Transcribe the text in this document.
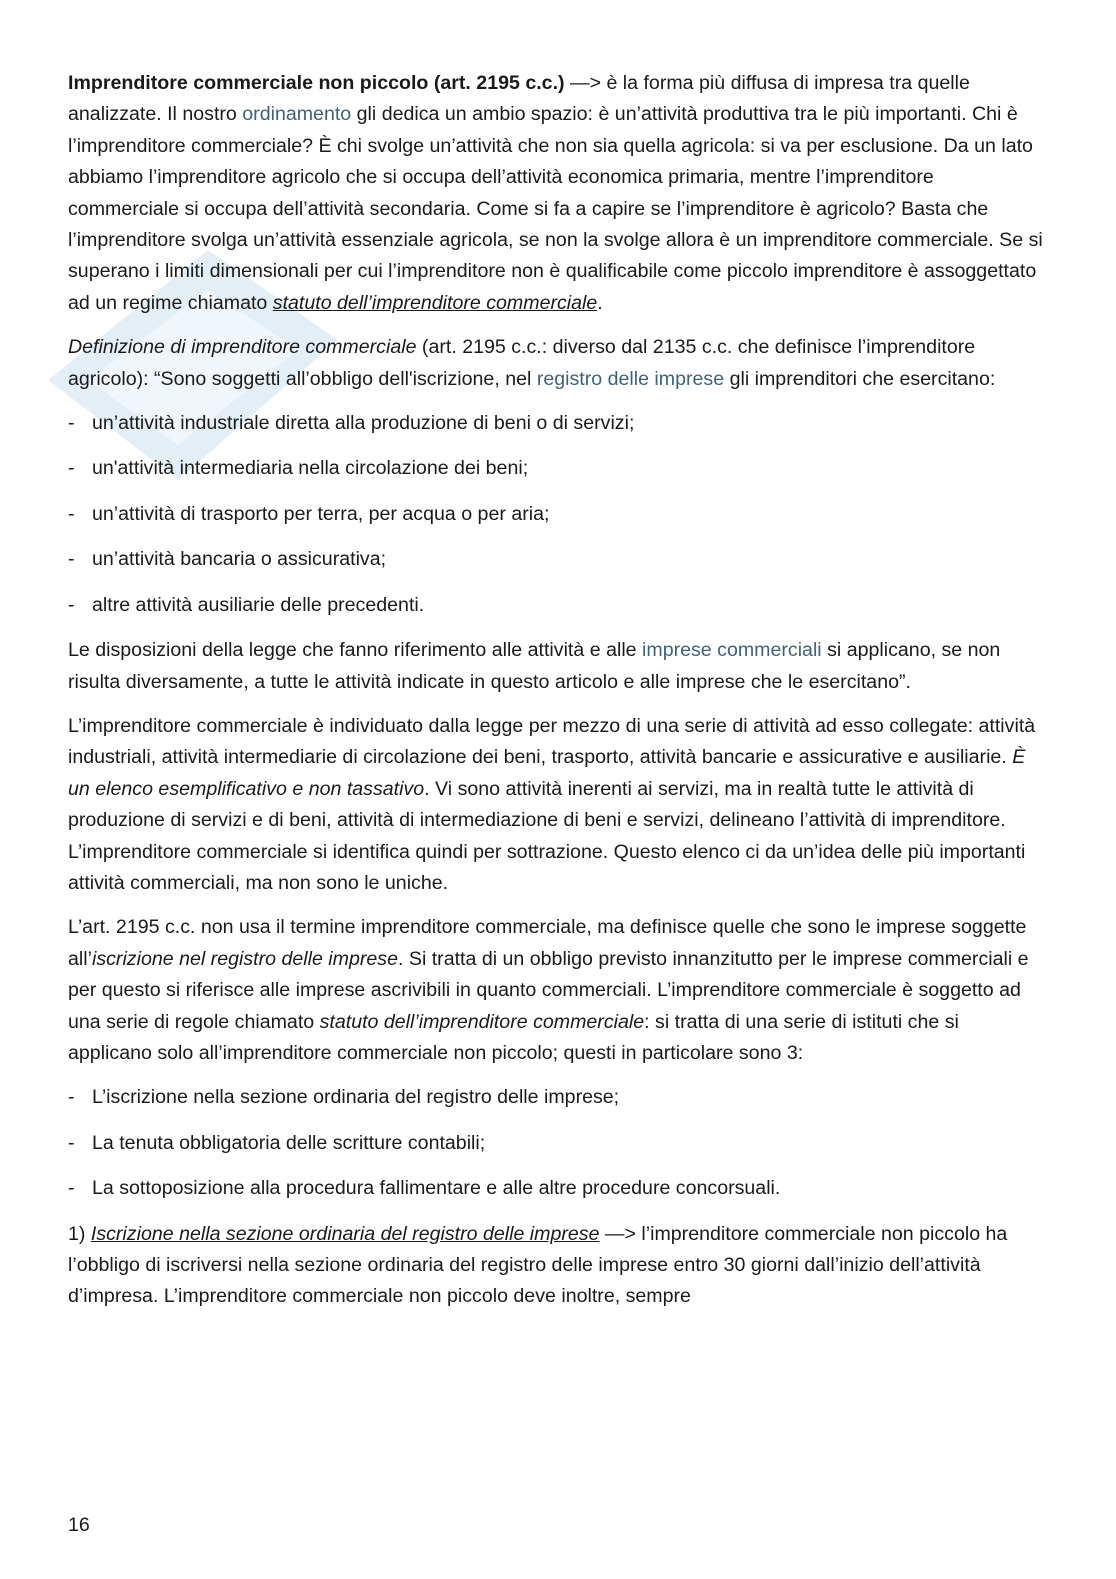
Imprenditore commerciale non piccolo (art. 2195 c.c.) —> è la forma più diffusa di impresa tra quelle analizzate. Il nostro ordinamento gli dedica un ambio spazio: è un’attività produttiva tra le più importanti. Chi è l’imprenditore commerciale? È chi svolge un’attività che non sia quella agricola: si va per esclusione. Da un lato abbiamo l’imprenditore agricolo che si occupa dell’attività economica primaria, mentre l’imprenditore commerciale si occupa dell’attività secondaria. Come si fa a capire se l’imprenditore è agricolo? Basta che l’imprenditore svolga un’attività essenziale agricola, se non la svolge allora è un imprenditore commerciale. Se si superano i limiti dimensionali per cui l’imprenditore non è qualificabile come piccolo imprenditore è assoggettato ad un regime chiamato statuto dell’imprenditore commerciale.

Definizione di imprenditore commerciale (art. 2195 c.c.: diverso dal 2135 c.c. che definisce l’imprenditore agricolo): “Sono soggetti all’obbligo dell'iscrizione, nel registro delle imprese gli imprenditori che esercitano:

- un’attività industriale diretta alla produzione di beni o di servizi;
- un'attività intermediaria nella circolazione dei beni;
- un’attività di trasporto per terra, per acqua o per aria;
- un’attività bancaria o assicurativa;
- altre attività ausiliarie delle precedenti.

Le disposizioni della legge che fanno riferimento alle attività e alle imprese commerciali si applicano, se non risulta diversamente, a tutte le attività indicate in questo articolo e alle imprese che le esercitano”.

L’imprenditore commerciale è individuato dalla legge per mezzo di una serie di attività ad esso collegate: attività industriali, attività intermediarie di circolazione dei beni, trasporto, attività bancarie e assicurative e ausiliarie. È un elenco esemplificativo e non tassativo. Vi sono attività inerenti ai servizi, ma in realtà tutte le attività di produzione di servizi e di beni, attività di intermediazione di beni e servizi, delineano l’attività di imprenditore. L’imprenditore commerciale si identifica quindi per sottrazione. Questo elenco ci da un’idea delle più importanti attività commerciali, ma non sono le uniche.

L’art. 2195 c.c. non usa il termine imprenditore commerciale, ma definisce quelle che sono le imprese soggette all’iscrizione nel registro delle imprese. Si tratta di un obbligo previsto innanzitutto per le imprese commerciali e per questo si riferisce alle imprese ascrivibili in quanto commerciali. L’imprenditore commerciale è soggetto ad una serie di regole chiamato statuto dell’imprenditore commerciale: si tratta di una serie di istituti che si applicano solo all’imprenditore commerciale non piccolo; questi in particolare sono 3:

- L’iscrizione nella sezione ordinaria del registro delle imprese;
- La tenuta obbligatoria delle scritture contabili;
- La sottoposizione alla procedura fallimentare e alle altre procedure concorsuali.

1) Iscrizione nella sezione ordinaria del registro delle imprese —> l’imprenditore commerciale non piccolo ha l’obbligo di iscriversi nella sezione ordinaria del registro delle imprese entro 30 giorni dall’inizio dell’attività d’impresa. L’imprenditore commerciale non piccolo deve inoltre, sempre

16
